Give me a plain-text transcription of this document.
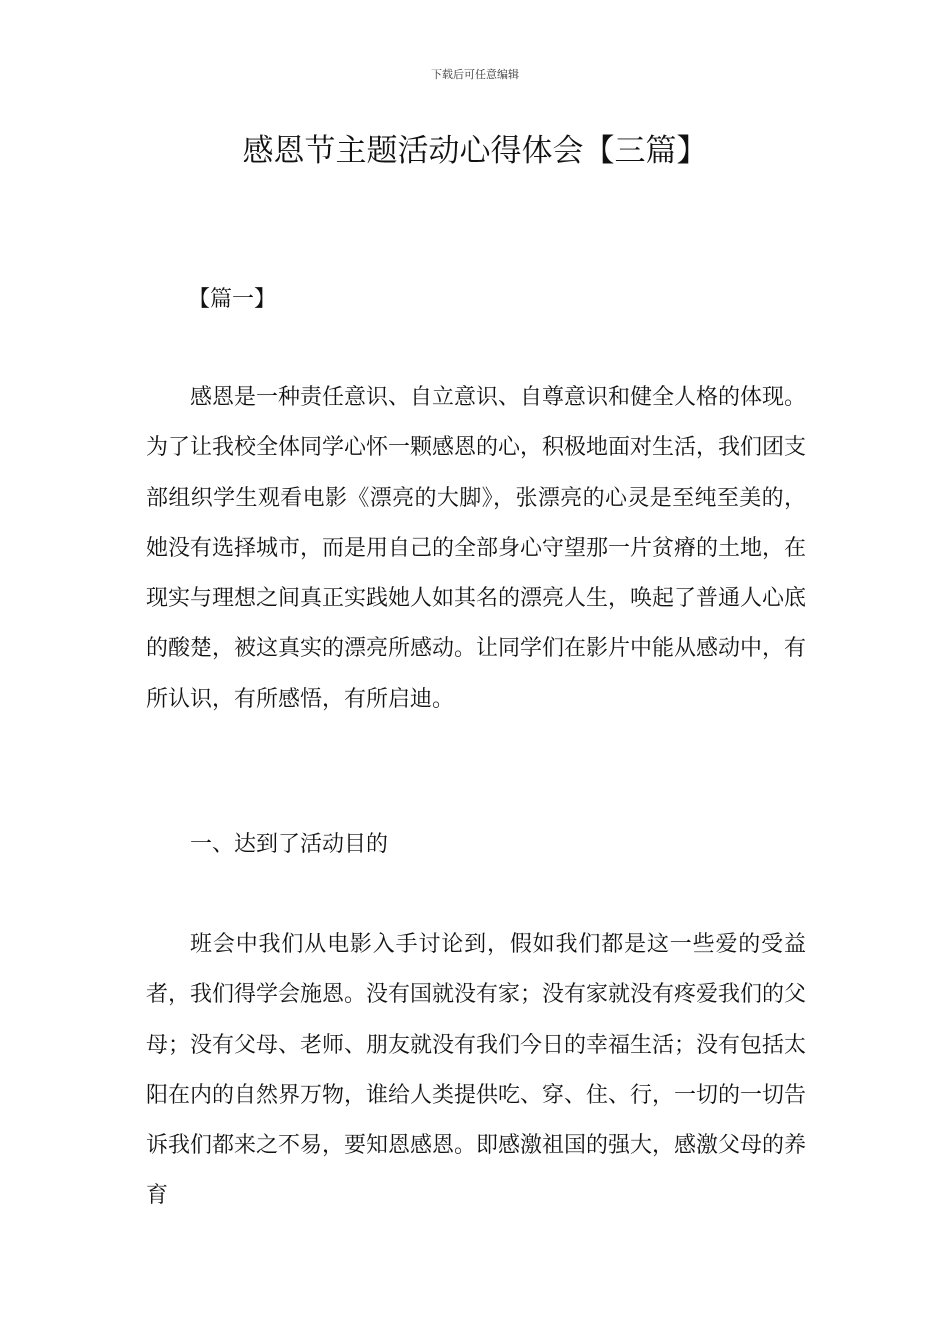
下载后可任意编辑
感恩节主题活动心得体会【三篇】
【篇一】

感恩是一种责任意识、自立意识、自尊意识和健全人格的体现。为了让我校全体同学心怀一颗感恩的心，积极地面对生活，我们团支部组织学生观看电影《漂亮的大脚》，张漂亮的心灵是至纯至美的，她没有选择城市，而是用自己的全部身心守望那一片贫瘠的土地，在现实与理想之间真正实践她人如其名的漂亮人生，唤起了普通人心底的酸楚，被这真实的漂亮所感动。让同学们在影片中能从感动中，有所认识，有所感悟，有所启迪。

一、达到了活动目的

班会中我们从电影入手讨论到，假如我们都是这一些爱的受益者，我们得学会施恩。没有国就没有家；没有家就没有疼爱我们的父母；没有父母、老师、朋友就没有我们今日的幸福生活；没有包括太阳在内的自然界万物，谁给人类提供吃、穿、住、行，一切的一切告诉我们都来之不易，要知恩感恩。即感激祖国的强大，感激父母的养育
